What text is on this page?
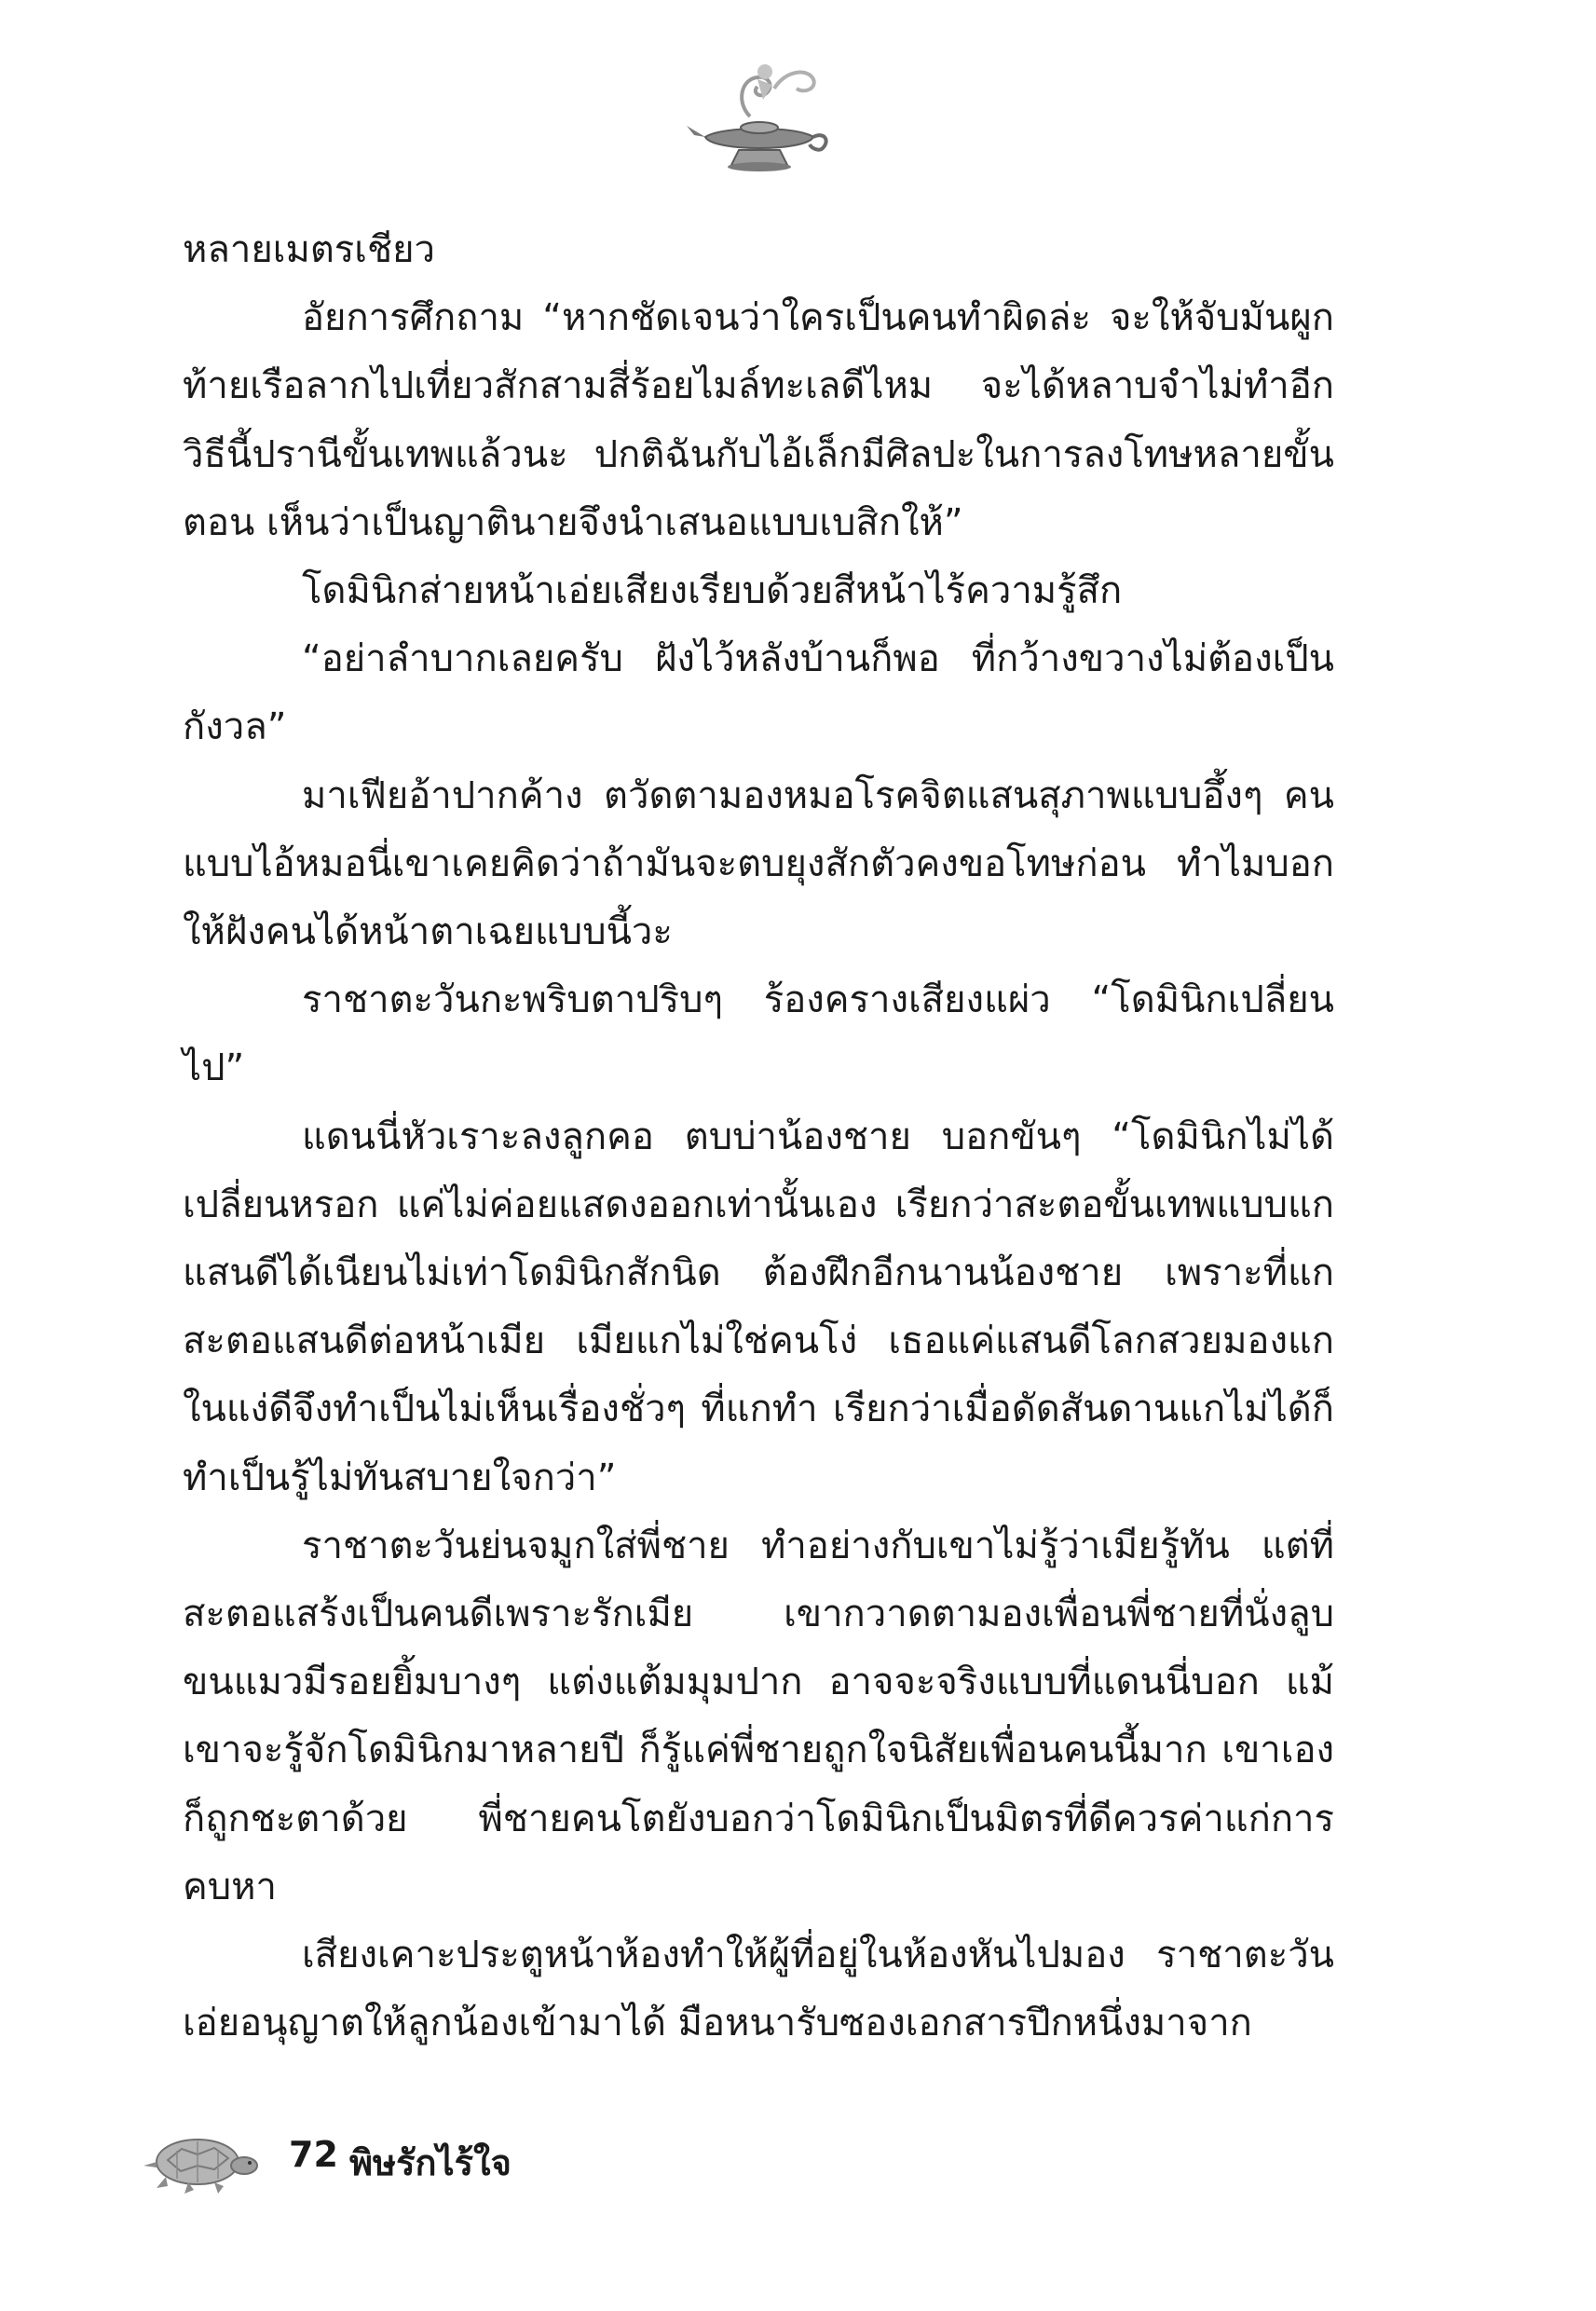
หลายเมตรเชียว

อัยการศึกถาม “หากชัดเจนว่าใครเป็นคนทำผิดล่ะ จะให้จับมันผูกท้ายเรือลากไปเที่ยวสักสามสี่ร้อยไมล์ทะเลดีไหม จะได้หลาบจำไม่ทำอีก วิธีนี้ปรานีขั้นเทพแล้วนะ ปกติฉันกับไอ้เล็กมีศิลปะในการลงโทษหลายขั้นตอน เห็นว่าเป็นญาตินายจึงนำเสนอแบบเบสิกให้”

โดมินิกส่ายหน้าเอ่ยเสียงเรียบด้วยสีหน้าไร้ความรู้สึก

“อย่าลำบากเลยครับ ฝังไว้หลังบ้านก็พอ ที่กว้างขวางไม่ต้องเป็นกังวล”

มาเฟียอ้าปากค้าง ตวัดตามองหมอโรคจิตแสนสุภาพแบบอึ้งๆ คนแบบไอ้หมอนี่เขาเคยคิดว่าถ้ามันจะตบยุงสักตัวคงขอโทษก่อน ทำไมบอกให้ฝังคนได้หน้าตาเฉยแบบนี้วะ

ราชาตะวันกะพริบตาปริบๆ ร้องครางเสียงแผ่ว “โดมินิกเปลี่ยนไป”

แดนนี่หัวเราะลงลูกคอ ตบบ่าน้องชาย บอกขันๆ “โดมินิกไม่ได้เปลี่ยนหรอก แค่ไม่ค่อยแสดงออกเท่านั้นเอง เรียกว่าสะตอขั้นเทพแบบแกแสนดีได้เนียนไม่เท่าโดมินิกสักนิด ต้องฝึกอีกนานน้องชาย เพราะที่แกสะตอแสนดีต่อหน้าเมีย เมียแกไม่ใช่คนโง่ เธอแค่แสนดีโลกสวยมองแกในแง่ดีจึงทำเป็นไม่เห็นเรื่องชั่วๆ ที่แกทำ เรียกว่าเมื่อดัดสันดานแกไม่ได้ก็ทำเป็นรู้ไม่ทันสบายใจกว่า”

ราชาตะวันย่นจมูกใส่พี่ชาย ทำอย่างกับเขาไม่รู้ว่าเมียรู้ทัน แต่ที่สะตอแสร้งเป็นคนดีเพราะรักเมีย เขากวาดตามองเพื่อนพี่ชายที่นั่งลูบขนแมวมีรอยยิ้มบางๆ แต่งแต้มมุมปาก อาจจะจริงแบบที่แดนนี่บอก แม้เขาจะรู้จักโดมินิกมาหลายปี ก็รู้แค่พี่ชายถูกใจนิสัยเพื่อนคนนี้มาก เขาเองก็ถูกชะตาด้วย พี่ชายคนโตยังบอกว่าโดมินิกเป็นมิตรที่ดีควรค่าแก่การคบหา

เสียงเคาะประตูหน้าห้องทำให้ผู้ที่อยู่ในห้องหันไปมอง ราชาตะวันเอ่ยอนุญาตให้ลูกน้องเข้ามาได้ มือหนารับซองเอกสารปึกหนึ่งมาจาก

72 พิษรักไร้ใจ
